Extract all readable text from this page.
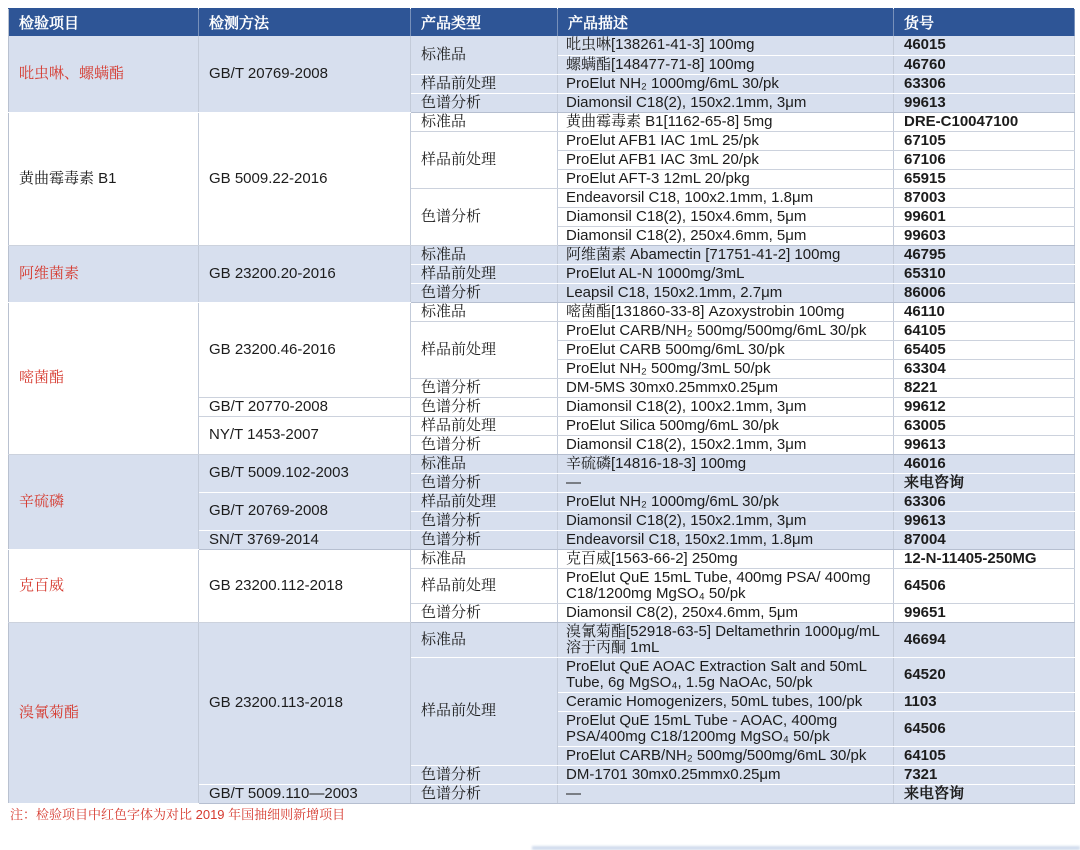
检验项目	检测方法	产品类型	产品描述	货号
吡虫啉、螺螨酯	GB/T 20769-2008	标准品	吡虫啉[138261-41-3] 100mg	46015
			螺螨酯[148477-71-8] 100mg	46760
		样品前处理	ProElut NH₂ 1000mg/6mL 30/pk	63306
		色谱分析	Diamonsil C18(2), 150x2.1mm, 3μm	99613
黄曲霉毒素 B1	GB 5009.22-2016	标准品	黄曲霉毒素 B1[1162-65-8] 5mg	DRE-C10047100
		样品前处理	ProElut AFB1 IAC 1mL 25/pk	67105
			ProElut AFB1 IAC 3mL 20/pk	67106
			ProElut AFT-3 12mL 20/pkg	65915
		色谱分析	Endeavorsil C18, 100x2.1mm, 1.8μm	87003
			Diamonsil C18(2), 150x4.6mm, 5μm	99601
			Diamonsil C18(2), 250x4.6mm, 5μm	99603
阿维菌素	GB 23200.20-2016	标准品	阿维菌素 Abamectin [71751-41-2] 100mg	46795
		样品前处理	ProElut AL-N 1000mg/3mL	65310
		色谱分析	Leapsil C18, 150x2.1mm, 2.7μm	86006
嘧菌酯	GB 23200.46-2016	标准品	嘧菌酯[131860-33-8] Azoxystrobin 100mg	46110
		样品前处理	ProElut CARB/NH₂ 500mg/500mg/6mL 30/pk	64105
			ProElut CARB 500mg/6mL 30/pk	65405
			ProElut NH₂ 500mg/3mL 50/pk	63304
		色谱分析	DM-5MS 30mx0.25mmx0.25μm	8221
	GB/T 20770-2008	色谱分析	Diamonsil C18(2), 100x2.1mm, 3μm	99612
	NY/T 1453-2007	样品前处理	ProElut Silica 500mg/6mL 30/pk	63005
		色谱分析	Diamonsil C18(2), 150x2.1mm, 3μm	99613
辛硫磷	GB/T 5009.102-2003	标准品	辛硫磷[14816-18-3] 100mg	46016
		色谱分析	—	来电咨询
	GB/T 20769-2008	样品前处理	ProElut NH₂ 1000mg/6mL 30/pk	63306
		色谱分析	Diamonsil C18(2), 150x2.1mm, 3μm	99613
	SN/T 3769-2014	色谱分析	Endeavorsil C18, 150x2.1mm, 1.8μm	87004
克百威	GB 23200.112-2018	标准品	克百威[1563-66-2] 250mg	12-N-11405-250MG
		样品前处理	ProElut QuE 15mL Tube, 400mg PSA/ 400mg C18/1200mg MgSO₄ 50/pk	64506
		色谱分析	Diamonsil C8(2), 250x4.6mm, 5μm	99651
溴氰菊酯	GB 23200.113-2018	标准品	溴氰菊酯[52918-63-5] Deltamethrin 1000μg/mL 溶于丙酮 1mL	46694
		样品前处理	ProElut QuE AOAC Extraction Salt and 50mL Tube, 6g MgSO₄, 1.5g NaOAc, 50/pk	64520
			Ceramic Homogenizers, 50mL tubes, 100/pk	1103
			ProElut QuE 15mL Tube - AOAC, 400mg PSA/400mg C18/1200mg MgSO₄ 50/pk	64506
			ProElut CARB/NH₂ 500mg/500mg/6mL 30/pk	64105
		色谱分析	DM-1701 30mx0.25mmx0.25μm	7321
	GB/T 5009.110—2003	色谱分析	—	来电咨询
注：检验项目中红色字体为对比 2019 年国抽细则新增项目
